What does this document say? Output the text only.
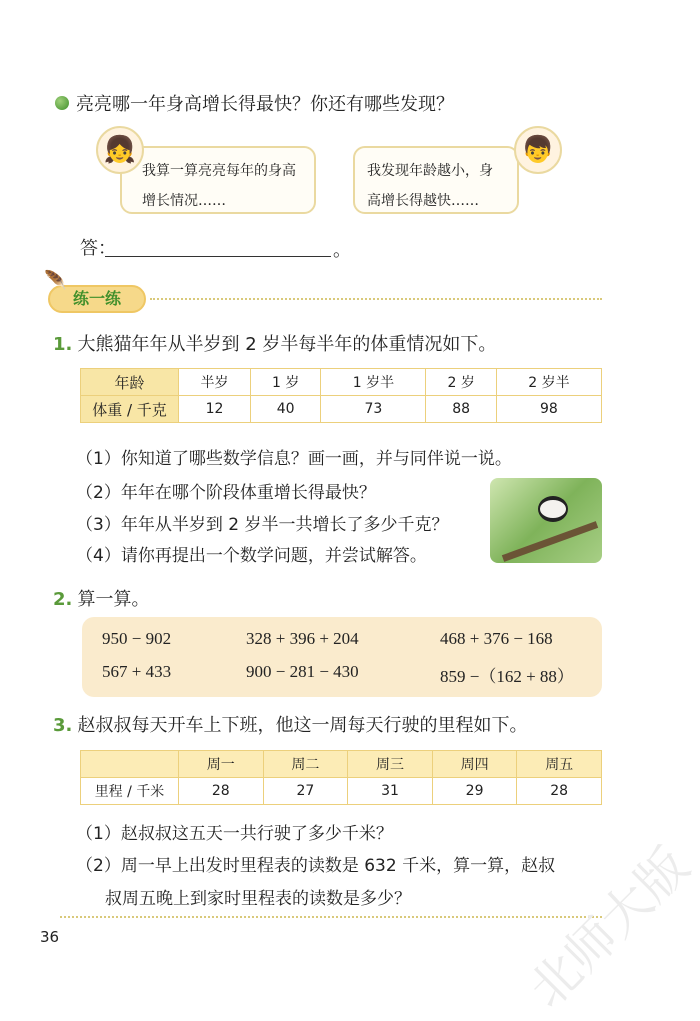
亮亮哪一年身高增长得最快？你还有哪些发现？
我算一算亮亮每年的身高增长情况……
👧
我发现年龄越小，身高增长得越快……
👦
答：	。
练一练
🪶
1. 大熊猫年年从半岁到 2 岁半每半年的体重情况如下。
年龄	半岁	1 岁	1 岁半	2 岁	2 岁半
体重 / 千克	12	40	73	88	98
（1）你知道了哪些数学信息？画一画，并与同伴说一说。
（2）年年在哪个阶段体重增长得最快？
（3）年年从半岁到 2 岁半一共增长了多少千克？
（4）请你再提出一个数学问题，并尝试解答。
2. 算一算。
950 − 902	328 + 396 + 204	468 + 376 − 168
567 + 433	900 − 281 − 430	859 −（162 + 88）
3. 赵叔叔每天开车上下班，他这一周每天行驶的里程如下。
	周一	周二	周三	周四	周五
里程 / 千米	28	27	31	29	28
（1）赵叔叔这五天一共行驶了多少千米？
（2）周一早上出发时里程表的读数是 632 千米，算一算，赵叔
叔周五晚上到家时里程表的读数是多少？
36	北师大版
